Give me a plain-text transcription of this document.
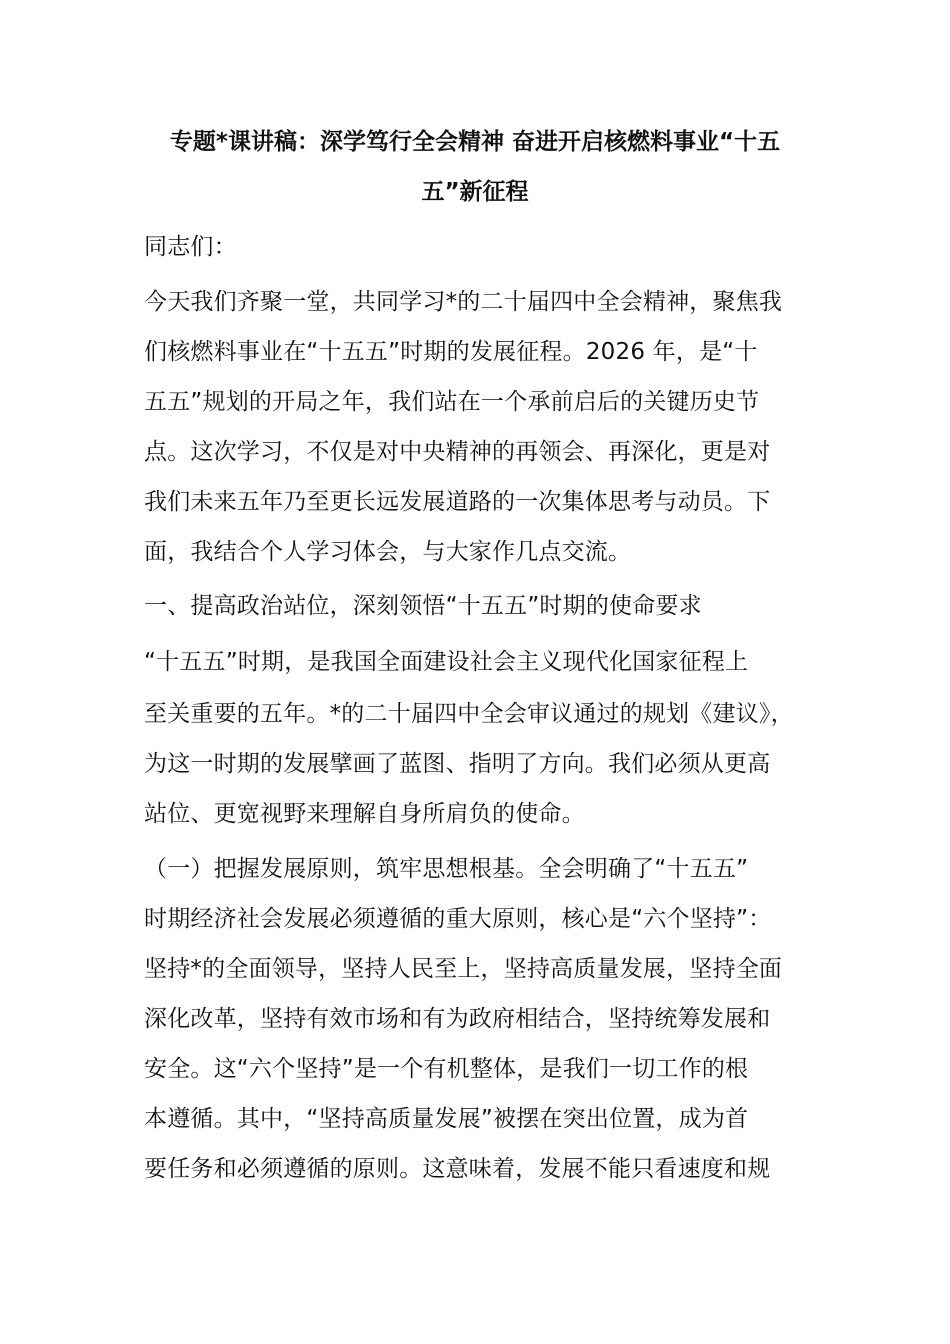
专题*课讲稿：深学笃行全会精神 奋进开启核燃料事业“十五
五”新征程
同志们：
今天我们齐聚一堂，共同学习*的二十届四中全会精神，聚焦我
们核燃料事业在“十五五”时期的发展征程。2026 年，是“十
五五”规划的开局之年，我们站在一个承前启后的关键历史节
点。这次学习，不仅是对中央精神的再领会、再深化，更是对
我们未来五年乃至更长远发展道路的一次集体思考与动员。下
面，我结合个人学习体会，与大家作几点交流。
一、提高政治站位，深刻领悟“十五五”时期的使命要求
“十五五”时期，是我国全面建设社会主义现代化国家征程上
至关重要的五年。*的二十届四中全会审议通过的规划《建议》，
为这一时期的发展擘画了蓝图、指明了方向。我们必须从更高
站位、更宽视野来理解自身所肩负的使命。
（一）把握发展原则，筑牢思想根基。全会明确了“十五五”
时期经济社会发展必须遵循的重大原则，核心是“六个坚持”：
坚持*的全面领导，坚持人民至上，坚持高质量发展，坚持全面
深化改革，坚持有效市场和有为政府相结合，坚持统筹发展和
安全。这“六个坚持”是一个有机整体，是我们一切工作的根
本遵循。其中，“坚持高质量发展”被摆在突出位置，成为首
要任务和必须遵循的原则。这意味着，发展不能只看速度和规
